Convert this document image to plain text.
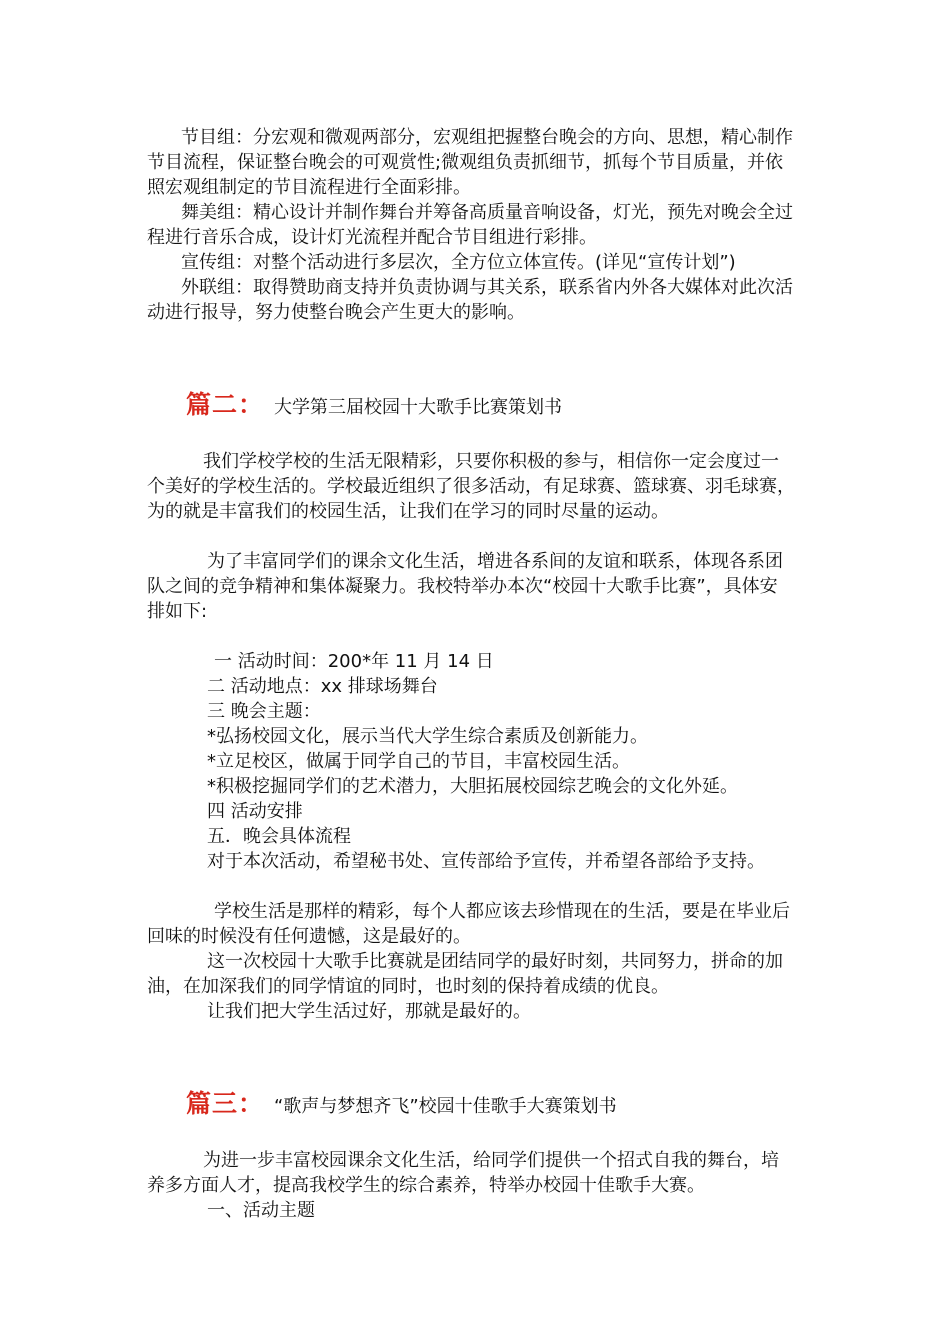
节目组：分宏观和微观两部分，宏观组把握整台晚会的方向、思想，精心制作
节目流程，保证整台晚会的可观赏性;微观组负责抓细节，抓每个节目质量，并依
照宏观组制定的节目流程进行全面彩排。
舞美组：精心设计并制作舞台并筹备高质量音响设备，灯光，预先对晚会全过
程进行音乐合成，设计灯光流程并配合节目组进行彩排。
宣传组：对整个活动进行多层次，全方位立体宣传。(详见“宣传计划”)
外联组：取得赞助商支持并负责协调与其关系，联系省内外各大媒体对此次活
动进行报导，努力使整台晚会产生更大的影响。
篇二： 大学第三届校园十大歌手比赛策划书
我们学校学校的生活无限精彩，只要你积极的参与，相信你一定会度过一
个美好的学校生活的。学校最近组织了很多活动，有足球赛、篮球赛、羽毛球赛，
为的就是丰富我们的校园生活，让我们在学习的同时尽量的运动。
为了丰富同学们的课余文化生活，增进各系间的友谊和联系，体现各系团
队之间的竞争精神和集体凝聚力。我校特举办本次“校园十大歌手比赛”，具体安
排如下:
一 活动时间：200*年 11 月 14 日
二 活动地点：xx 排球场舞台
三 晚会主题：
*弘扬校园文化，展示当代大学生综合素质及创新能力。
*立足校区，做属于同学自己的节目，丰富校园生活。
*积极挖掘同学们的艺术潜力，大胆拓展校园综艺晚会的文化外延。
四 活动安排
五．晚会具体流程
对于本次活动，希望秘书处、宣传部给予宣传，并希望各部给予支持。
学校生活是那样的精彩，每个人都应该去珍惜现在的生活，要是在毕业后
回味的时候没有任何遗憾，这是最好的。
这一次校园十大歌手比赛就是团结同学的最好时刻，共同努力，拼命的加
油，在加深我们的同学情谊的同时，也时刻的保持着成绩的优良。
让我们把大学生活过好，那就是最好的。
篇三： “歌声与梦想齐飞”校园十佳歌手大赛策划书
为进一步丰富校园课余文化生活，给同学们提供一个招式自我的舞台，培
养多方面人才，提高我校学生的综合素养，特举办校园十佳歌手大赛。
一、活动主题
